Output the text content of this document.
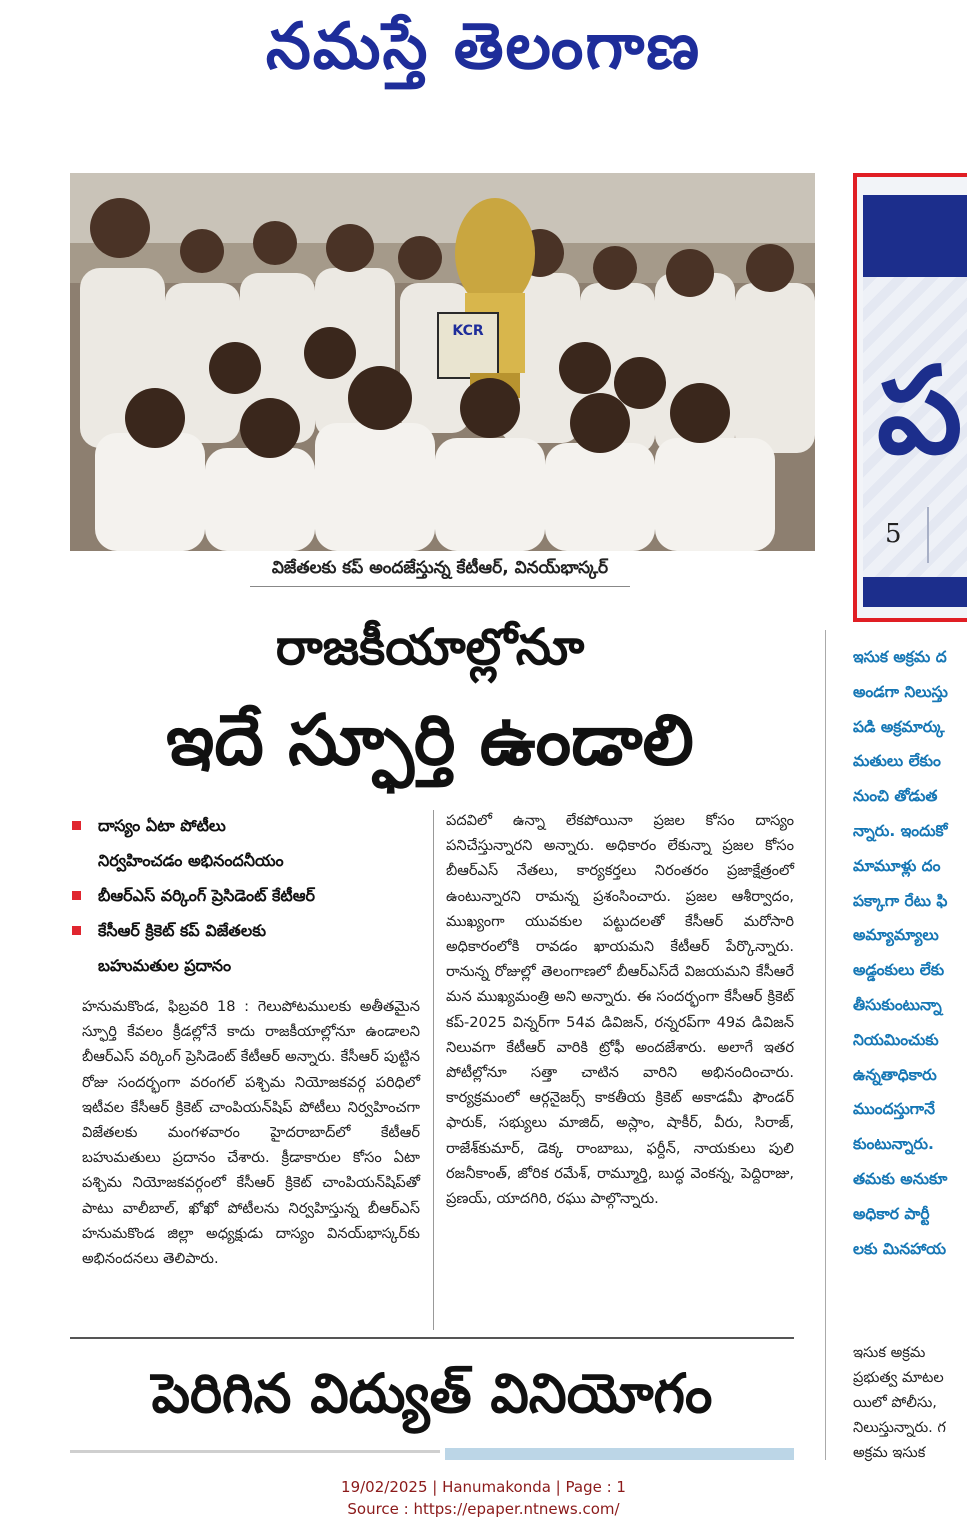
నమస్తే తెలంగాణ
KCR
విజేతలకు కప్ అందజేస్తున్న కేటీఆర్, వినయ్‌భాస్కర్
రాజకీయాల్లోనూ
ఇదే స్ఫూర్తి ఉండాలి
దాస్యం ఏటా పోటీలు
నిర్వహించడం అభినందనీయం
బీఆర్ఎస్ వర్కింగ్ ప్రెసిడెంట్ కేటీఆర్
కేసీఆర్ క్రికెట్ కప్ విజేతలకు
బహుమతుల ప్రదానం

హనుమకొండ, ఫిబ్రవరి 18 : గెలుపోటములకు అతీతమైన స్ఫూర్తి కేవలం క్రీడల్లోనే కాదు రాజకీయాల్లోనూ ఉండాలని బీఆర్ఎస్ వర్కింగ్ ప్రెసిడెంట్ కేటీఆర్ అన్నారు. కేసీఆర్ పుట్టిన రోజు సందర్భంగా వరంగల్ పశ్చిమ నియోజకవర్గ పరిధిలో ఇటీవల కేసీఆర్ క్రికెట్ చాంపియన్‌షిప్ పోటీలు నిర్వహించగా విజేతలకు మంగళవారం హైదరాబాద్‌లో కేటీఆర్ బహుమతులు ప్రదానం చేశారు. క్రీడాకారుల కోసం ఏటా పశ్చిమ నియోజకవర్గంలో కేసీఆర్ క్రికెట్ చాంపియన్‌షిప్‌తో పాటు వాలీబాల్, ఖోఖో పోటీలను నిర్వహిస్తున్న బీఆర్ఎస్ హనుమకొండ జిల్లా అధ్యక్షుడు దాస్యం వినయ్‌భాస్కర్‌కు అభినందనలు తెలిపారు.

పదవిలో ఉన్నా లేకపోయినా ప్రజల కోసం దాస్యం పనిచేస్తున్నారని అన్నారు. అధికారం లేకున్నా ప్రజల కోసం బీఆర్ఎస్ నేతలు, కార్యకర్తలు నిరంతరం ప్రజాక్షేత్రంలో ఉంటున్నారని రామన్న ప్రశంసించారు. ప్రజల ఆశీర్వాదం, ముఖ్యంగా యువకుల పట్టుదలతో కేసీఆర్ మరోసారి అధికారంలోకి రావడం ఖాయమని కేటీఆర్ పేర్కొన్నారు. రానున్న రోజుల్లో తెలంగాణలో బీఆర్ఎస్‌దే విజయమని కేసీఆరే మన ముఖ్యమంత్రి అని అన్నారు. ఈ సందర్భంగా కేసీఆర్ క్రికెట్ కప్-2025 విన్నర్‌గా 54వ డివిజన్, రన్నరప్‌గా 49వ డివిజన్ నిలువగా కేటీఆర్ వారికి ట్రోఫీ అందజేశారు. అలాగే ఇతర పోటీల్లోనూ సత్తా చాటిన వారిని అభినందించారు. కార్యక్రమంలో ఆర్గనైజర్స్ కాకతీయ క్రికెట్ అకాడమీ ఫౌండర్ ఫారుక్, సభ్యులు మాజిద్, అస్లాం, షాకీర్, వీరు, సిరాజ్, రాజేశ్‌కుమార్, డెక్క రాంబాబు, ఫర్దీన్, నాయకులు పులి రజనీకాంత్, జోరిక రమేశ్, రామ్మూర్తి, బుద్ధ వెంకన్న, పెద్దిరాజు, ప్రణయ్, యాదగిరి, రఘు పాల్గొన్నారు.

పెరిగిన విద్యుత్ వినియోగం
ప
5
ఇసుక అక్రమ ద
అండగా నిలుస్తు
పడి అక్రమార్కు
మతులు లేకుం
నుంచి తోడుత
న్నారు. ఇందుకో
మామూళ్లు దం
పక్కాగా రేటు ఫి
అమ్యామ్యాలు
అడ్డంకులు లేకు
తీసుకుంటున్నా
నియమించుకు
ఉన్నతాధికారు
ముందస్తుగానే
కుంటున్నారు.
తమకు అనుకూ
అధికార పార్టీ
లకు మినహాయ
ఇసుక అక్రమ
ప్రభుత్వ మాటల
యిలో పోలీసు,
నిలుస్తున్నారు. గ
అక్రమ ఇసుక
19/02/2025 | Hanumakonda | Page : 1
Source : https://epaper.ntnews.com/
